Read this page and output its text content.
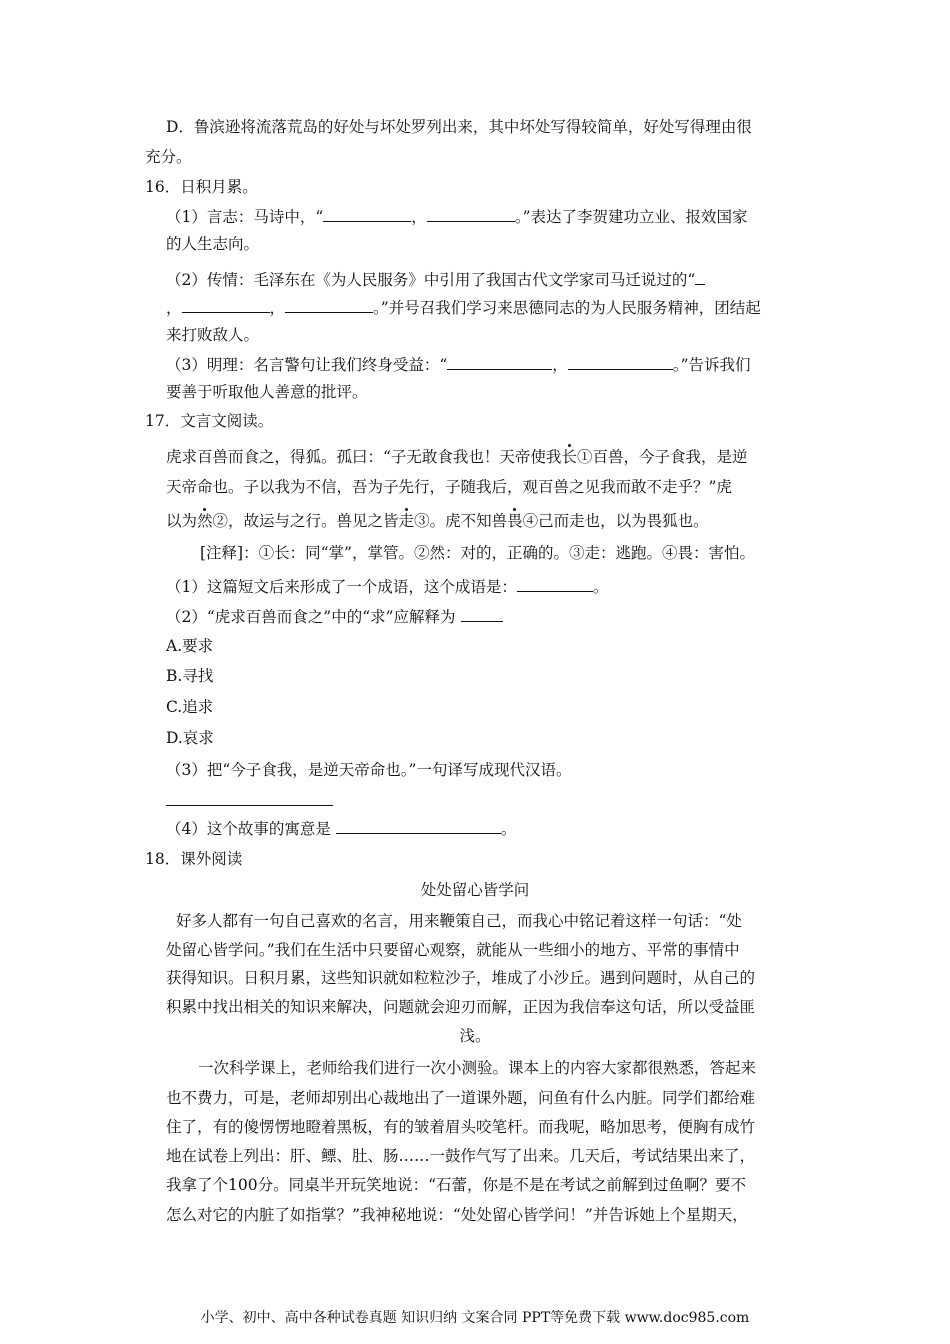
D．鲁滨逊将流落荒岛的好处与坏处罗列出来，其中坏处写得较简单，好处写得理由很
充分。
16．日积月累。
（1）言志：马诗中，“	，	。”表达了李贺建功立业、报效国家
的人生志向。
（2）传情：毛泽东在《为人民服务》中引用了我国古代文学家司马迁说过的“
，	，	。”并号召我们学习来思德同志的为人民服务精神，团结起
来打败敌人。
（3）明理：名言警句让我们终身受益：“	，	。”告诉我们
要善于听取他人善意的批评。
17．文言文阅读。
虎求百兽而食之，得狐。孤曰：“子无敢食我也！天帝使我长①百兽，今子食我，是逆
天帝命也。子以我为不信，吾为子先行，子随我后，观百兽之见我而敢不走乎？”虎
以为然②，故运与之行。兽见之皆走③。虎不知兽畏④己而走也，以为畏狐也。
[注释]：①长：同“掌”，掌管。②然：对的，正确的。③走：逃跑。④畏：害怕。
（1）这篇短文后来形成了一个成语，这个成语是：	。
（2）“虎求百兽而食之”中的“求”应解释为
A.要求
B.寻找
C.追求
D.哀求
（3）把“今子食我，是逆天帝命也。”一句译写成现代汉语。
（4）这个故事的寓意是	。
18．课外阅读
处处留心皆学问
好多人都有一句自己喜欢的名言，用来鞭策自己，而我心中铭记着这样一句话：“处
处留心皆学问。”我们在生活中只要留心观察，就能从一些细小的地方、平常的事情中
获得知识。日积月累，这些知识就如粒粒沙子，堆成了小沙丘。遇到问题时，从自己的
积累中找出相关的知识来解决，问题就会迎刃而解，正因为我信奉这句话，所以受益匪
浅。
一次科学课上，老师给我们进行一次小测验。课本上的内容大家都很熟悉，答起来
也不费力，可是，老师却别出心裁地出了一道课外题，问鱼有什么内脏。同学们都给难
住了，有的傻愣愣地瞪着黑板，有的皱着眉头咬笔杆。而我呢，略加思考，便胸有成竹
地在试卷上列出：肝、鳔、肚、肠……一鼓作气写了出来。几天后，考试结果出来了，
我拿了个100分。同桌半开玩笑地说：“石蕾，你是不是在考试之前解到过鱼啊？要不
怎么对它的内脏了如指掌？”我神秘地说：“处处留心皆学问！”并告诉她上个星期天，
小学、初中、高中各种试卷真题 知识归纳 文案合同 PPT等免费下载 www.doc985.com
